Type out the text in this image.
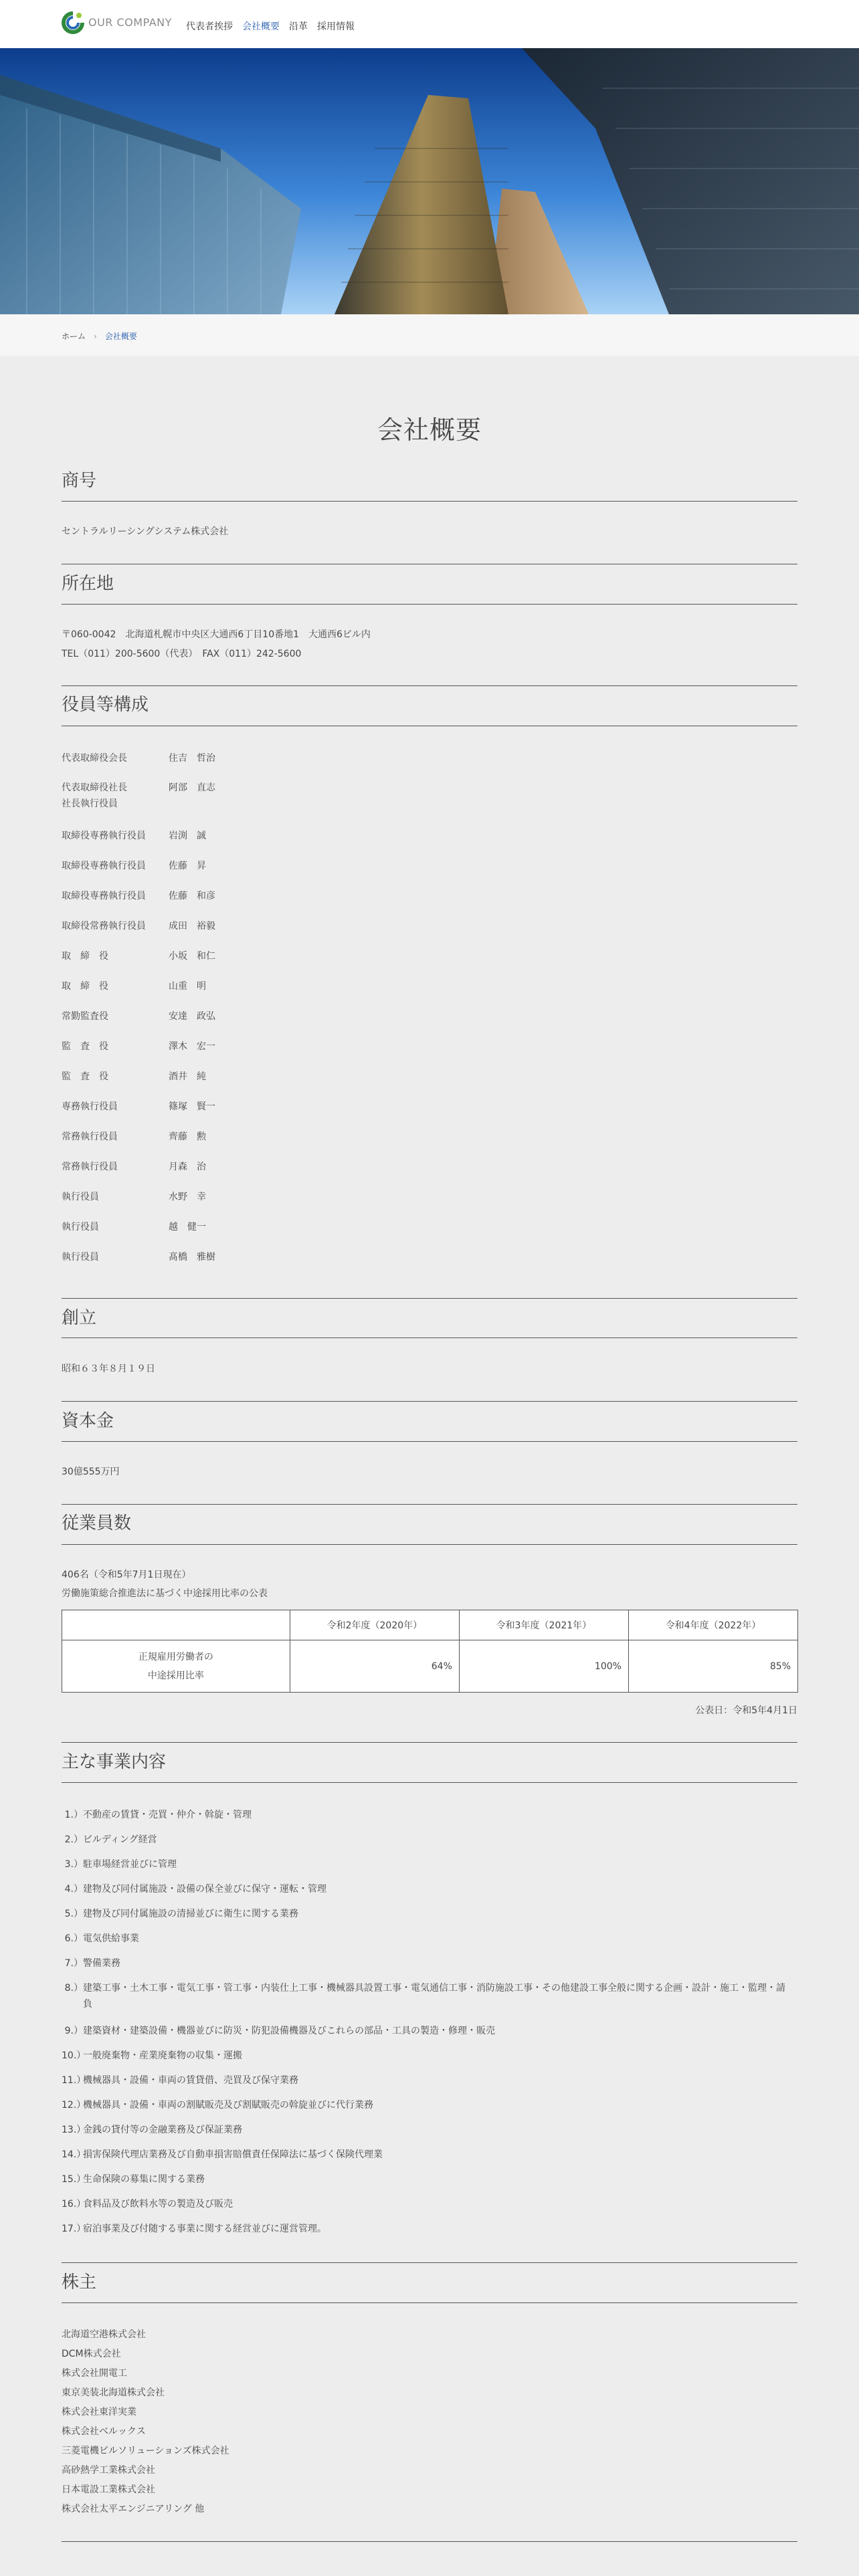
OUR COMPANY 代表者挨拶 会社概要 沿革 採用情報
ホーム › 会社概要
会社概要
商号
セントラルリーシングシステム株式会社
所在地
〒060-0042　北海道札幌市中央区大通西6丁目10番地1　大通西6ビル内
TEL（011）200-5600（代表）　FAX（011）242-5600
役員等構成
代表取締役会長	住吉　哲治
代表取締役社長	阿部　直志
社長執行役員
取締役専務執行役員 岩渕　誠
取締役専務執行役員 佐藤　昇
取締役専務執行役員 佐藤　和彦
取締役常務執行役員 成田　裕毅
取　締　役	小坂　和仁
取　締　役	山重　明
常勤監査役	安達　政弘
監　査　役	澤木　宏一
監　査　役	酒井　純
専務執行役員	篠塚　賢一
常務執行役員	齊藤　勲
常務執行役員	月森　治
執行役員	水野　幸
執行役員	越　健一
執行役員	髙橋　雅樹
創立
昭和６３年８月１９日
資本金
30億555万円
従業員数
406名（令和5年7月1日現在）
労働施策総合推進法に基づく中途採用比率の公表
	令和2年度（2020年）	令和3年度（2021年）	令和4年度（2022年）
正規雇用労働者の
中途採用比率	64%	100%	85%
公表日：令和5年4月1日
主な事業内容
1.）不動産の賃貸・売買・仲介・斡旋・管理
2.）ビルディング経営
3.）駐車場経営並びに管理
4.）建物及び同付属施設・設備の保全並びに保守・運転・管理
5.）建物及び同付属施設の清掃並びに衛生に関する業務
6.）電気供給事業
7.）警備業務
8.）建築工事・土木工事・電気工事・管工事・内装仕上工事・機械器具設置工事・電気通信工事・消防施設工事・その他建設工事全般に関する企画・設計・施工・監理・請負
9.）建築資材・建築設備・機器並びに防災・防犯設備機器及びこれらの部品・工具の製造・修理・販売
10.）一般廃棄物・産業廃棄物の収集・運搬
11.）機械器具・設備・車両の賃貸借、売買及び保守業務
12.）機械器具・設備・車両の割賦販売及び割賦販売の斡旋並びに代行業務
13.）金銭の貸付等の金融業務及び保証業務
14.）損害保険代理店業務及び自動車損害賠償責任保障法に基づく保険代理業
15.）生命保険の募集に関する業務
16.）食料品及び飲料水等の製造及び販売
17.）宿泊事業及び付随する事業に関する経営並びに運営管理。
株主
北海道空港株式会社
DCM株式会社
株式会社開電工
東京美装北海道株式会社
株式会社東洋実業
株式会社ベルックス
三菱電機ビルソリューションズ株式会社
高砂熱学工業株式会社
日本電設工業株式会社
株式会社太平エンジニアリング 他
